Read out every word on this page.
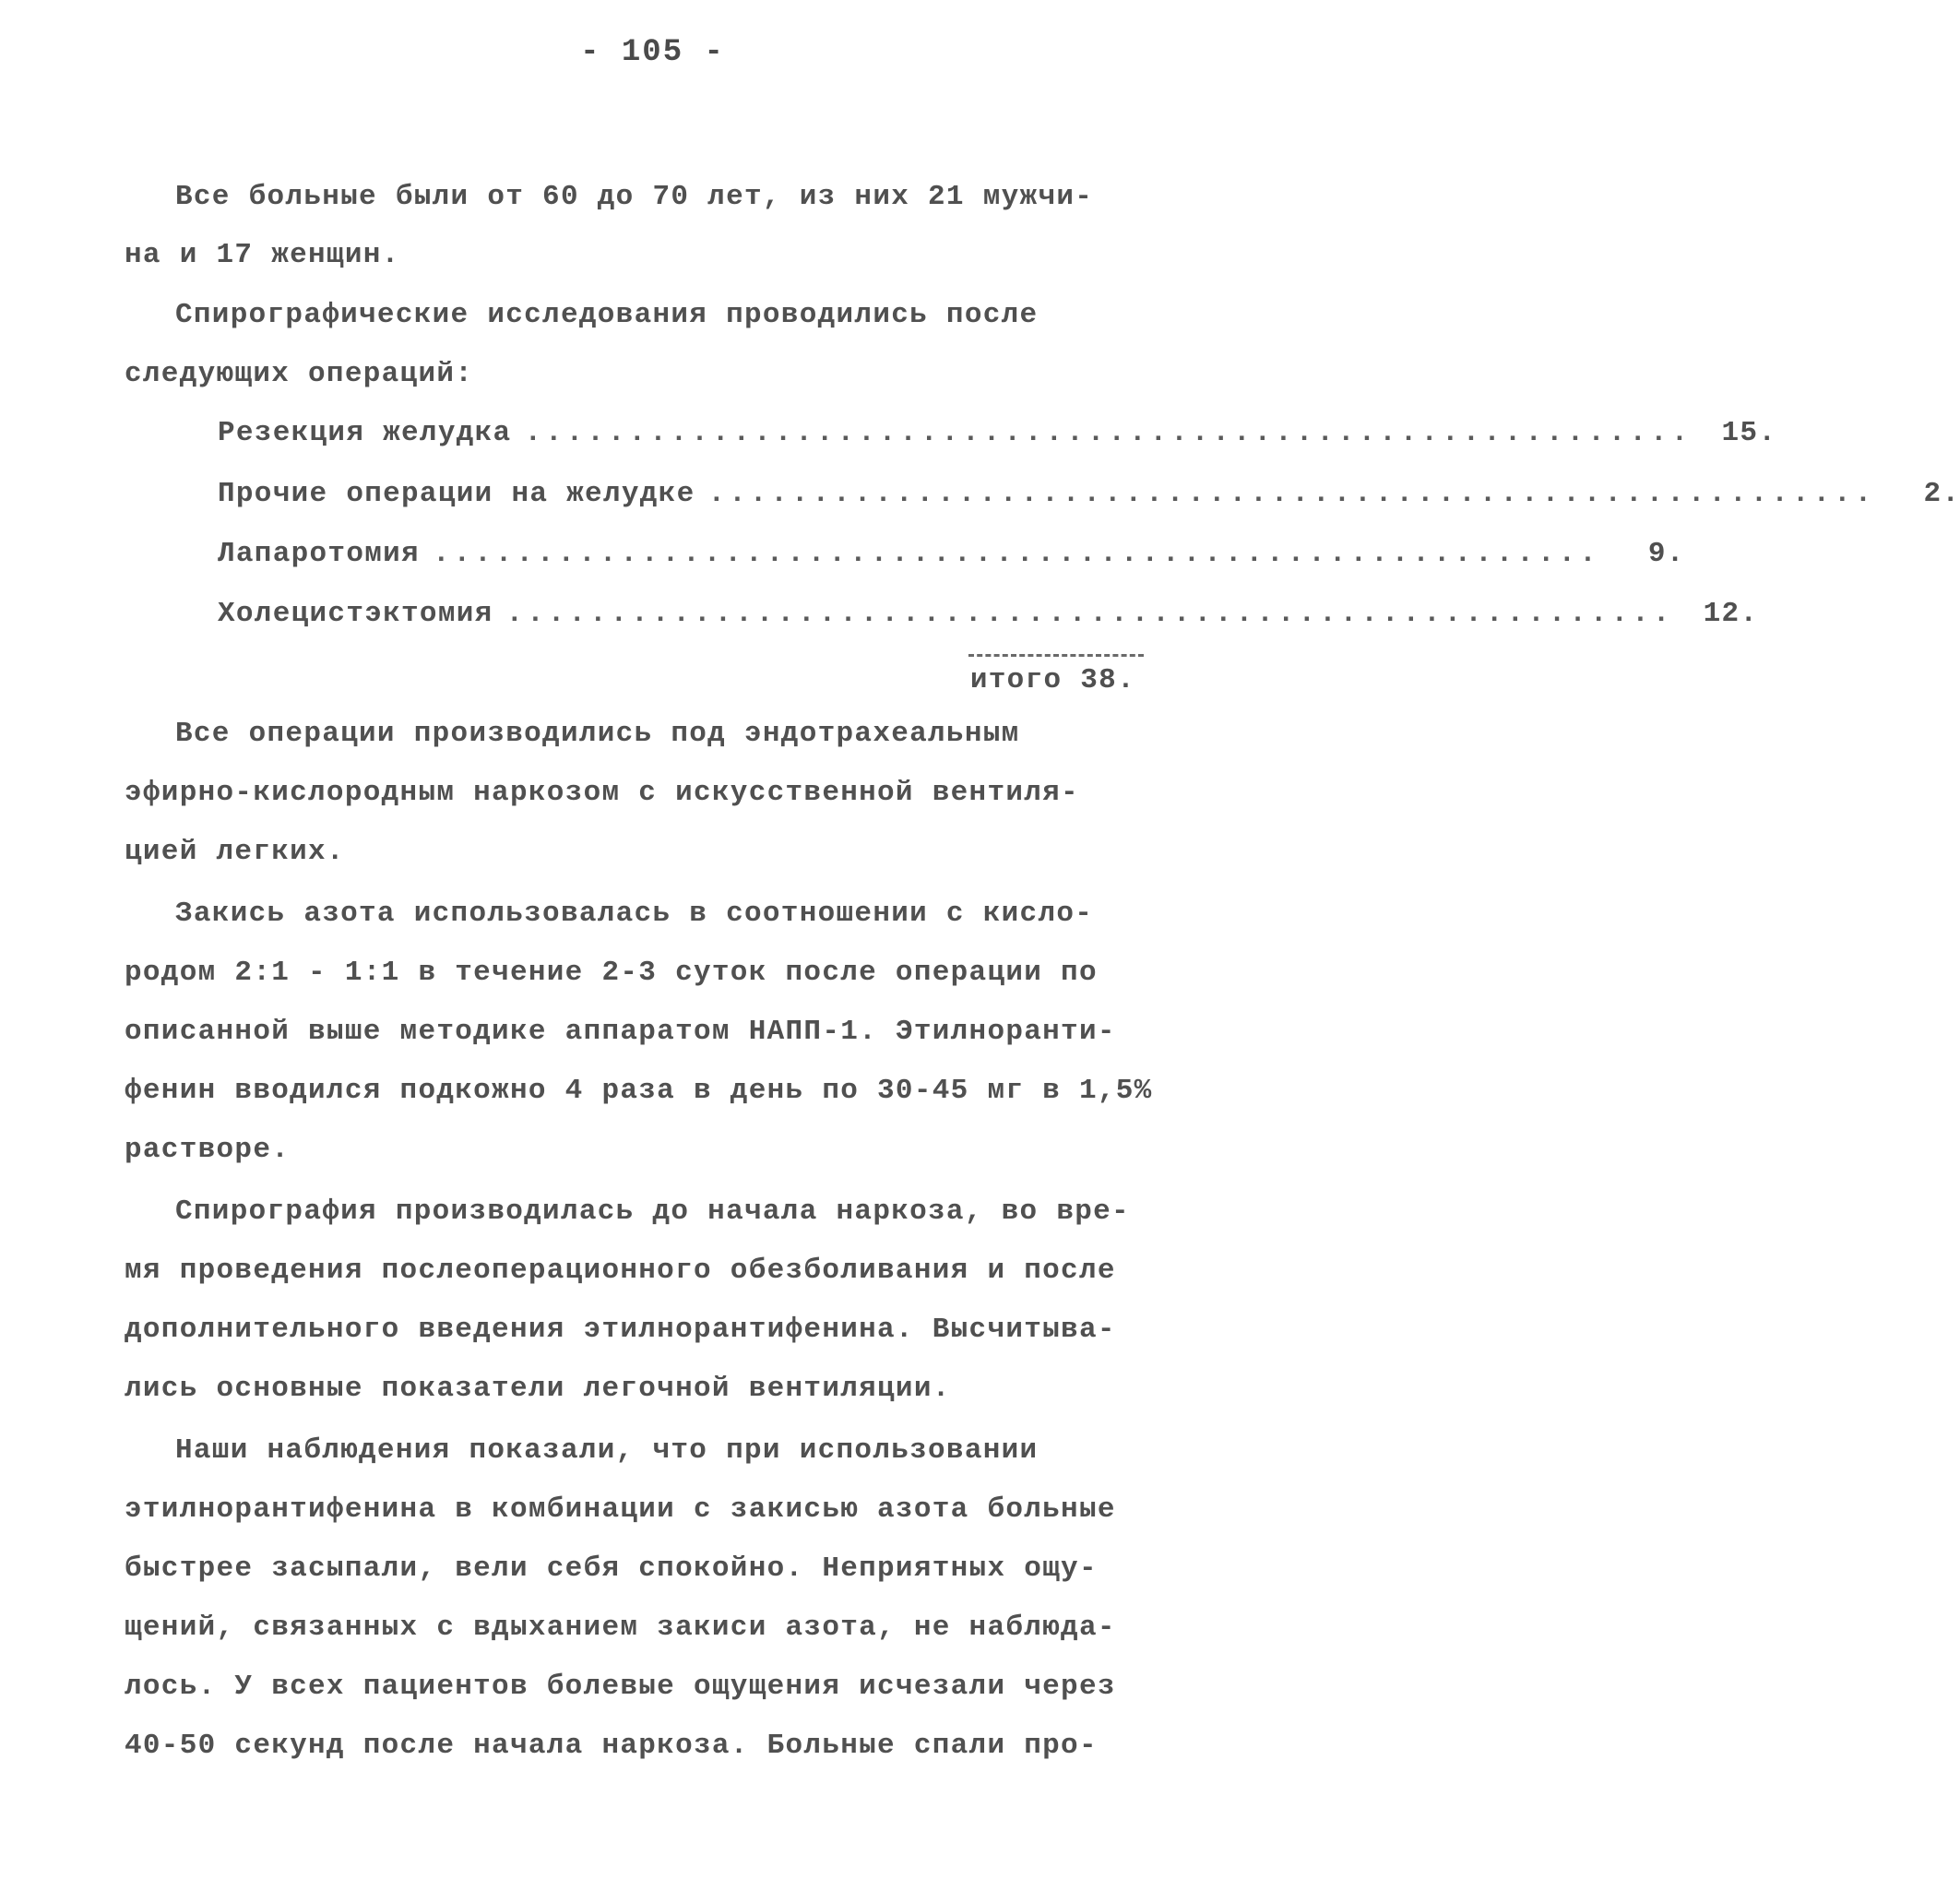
- 105 -
Все больные были от 60 до 70 лет, из них 21 мужчи-
на и 17 женщин.
Спирографические исследования проводились после
следующих операций:
Резекция желудка ........................................................	15.
Прочие операции на желудке ........................................................	2.
Лапаротомия ........................................................	9.
Холецистэктомия ........................................................	12.
итого 38.
Все операции производились под эндотрахеальным
эфирно-кислородным наркозом с искусственной вентиля-
цией легких.
Закись азота использовалась в соотношении с кисло-
родом 2:1 - 1:1 в течение 2-3 суток после операции по
описанной выше методике аппаратом НАПП-1. Этилноранти-
фенин вводился подкожно 4 раза в день по 30-45 мг в 1,5%
растворе.
Спирография производилась до начала наркоза, во вре-
мя проведения послеоперационного обезболивания и после
дополнительного введения этилнорантифенина. Высчитыва-
лись основные показатели легочной вентиляции.
Наши наблюдения показали, что при использовании
этилнорантифенина в комбинации с закисью азота больные
быстрее засыпали, вели себя спокойно. Неприятных ощу-
щений, связанных с вдыханием закиси азота, не наблюда-
лось. У всех пациентов болевые ощущения исчезали через
40-50 секунд после начала наркоза. Больные спали про-
